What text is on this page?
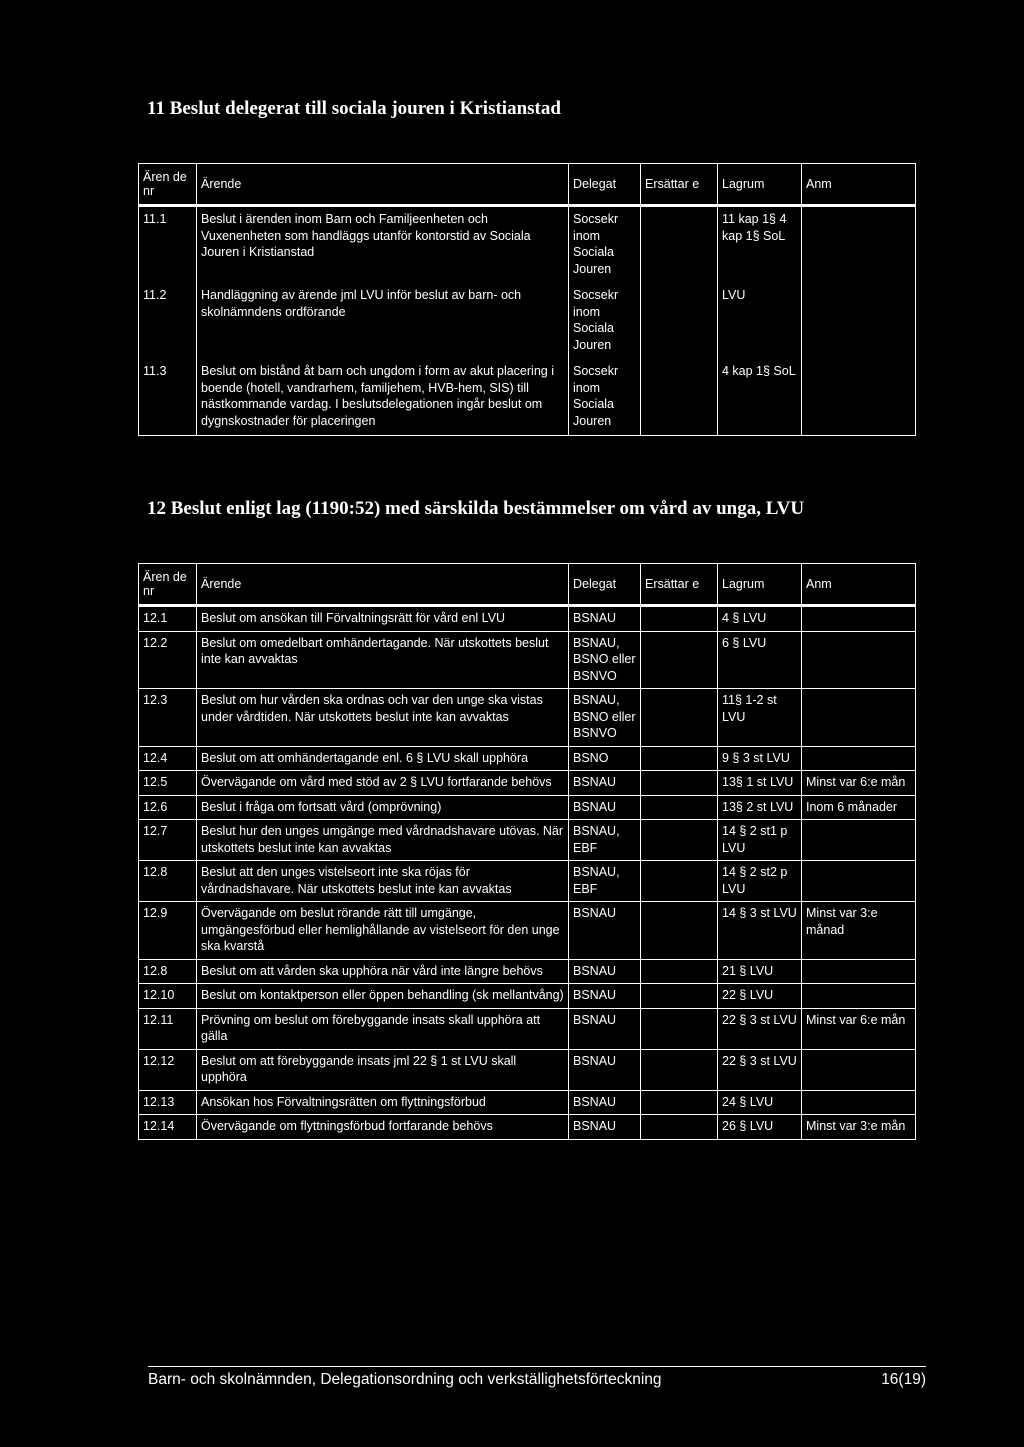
11 Beslut delegerat till sociala jouren i Kristianstad
Ären de nr	Ärende	Delegat	Ersättar e	Lagrum	Anm
11.1	Beslut i ärenden inom Barn och Familjeenheten och Vuxenenheten som handläggs utanför kontorstid av Sociala Jouren i Kristianstad	Socsekr inom Sociala Jouren		11 kap 1§ 4 kap 1§ SoL	
11.2	Handläggning av ärende jml LVU inför beslut av barn- och skolnämndens ordförande	Socsekr inom Sociala Jouren		LVU	
11.3	Beslut om bistånd åt barn och ungdom i form av akut placering i boende (hotell, vandrarhem, familjehem, HVB-hem, SIS) till nästkommande vardag. I beslutsdelegationen ingår beslut om dygnskostnader för placeringen	Socsekr inom Sociala Jouren		4 kap 1§ SoL	
12 Beslut enligt lag (1190:52) med särskilda bestämmelser om vård av unga, LVU
Ären de nr	Ärende	Delegat	Ersättar e	Lagrum	Anm
12.1	Beslut om ansökan till Förvaltningsrätt för vård enl LVU	BSNAU		4 § LVU	
12.2	Beslut om omedelbart omhändertagande. När utskottets beslut inte kan avvaktas	BSNAU, BSNO eller BSNVO		6 § LVU	
12.3	Beslut om hur vården ska ordnas och var den unge ska vistas under vårdtiden. När utskottets beslut inte kan avvaktas	BSNAU, BSNO eller BSNVO		11§ 1-2 st LVU	
12.4	Beslut om att omhändertagande enl. 6 § LVU skall upphöra	BSNO		9 § 3 st LVU	
12.5	Övervägande om vård med stöd av 2 § LVU fortfarande behövs	BSNAU		13§ 1 st LVU	Minst var 6:e mån
12.6	Beslut i fråga om fortsatt vård (omprövning)	BSNAU		13§ 2 st LVU	Inom 6 månader
12.7	Beslut hur den unges umgänge med vårdnadshavare utövas. När utskottets beslut inte kan avvaktas	BSNAU, EBF		14 § 2 st1 p LVU	
12.8	Beslut att den unges vistelseort inte ska röjas för vårdnadshavare. När utskottets beslut inte kan avvaktas	BSNAU, EBF		14 § 2 st2 p LVU	
12.9	Övervägande om beslut rörande rätt till umgänge, umgängesförbud eller hemlighållande av vistelseort för den unge ska kvarstå	BSNAU		14 § 3 st LVU	Minst var 3:e månad
12.8	Beslut om att vården ska upphöra när vård inte längre behövs	BSNAU		21 § LVU	
12.10	Beslut om kontaktperson eller öppen behandling (sk mellantvång)	BSNAU		22 § LVU	
12.11	Prövning om beslut om förebyggande insats skall upphöra att gälla	BSNAU		22 § 3 st LVU	Minst var 6:e mån
12.12	Beslut om att förebyggande insats jml 22 § 1 st LVU skall upphöra	BSNAU		22 § 3 st LVU	
12.13	Ansökan hos Förvaltningsrätten om flyttningsförbud	BSNAU		24 § LVU	
12.14	Övervägande om flyttningsförbud fortfarande behövs	BSNAU		26 § LVU	Minst var 3:e mån
Barn- och skolnämnden, Delegationsordning och verkställighetsförteckning	16(19)
